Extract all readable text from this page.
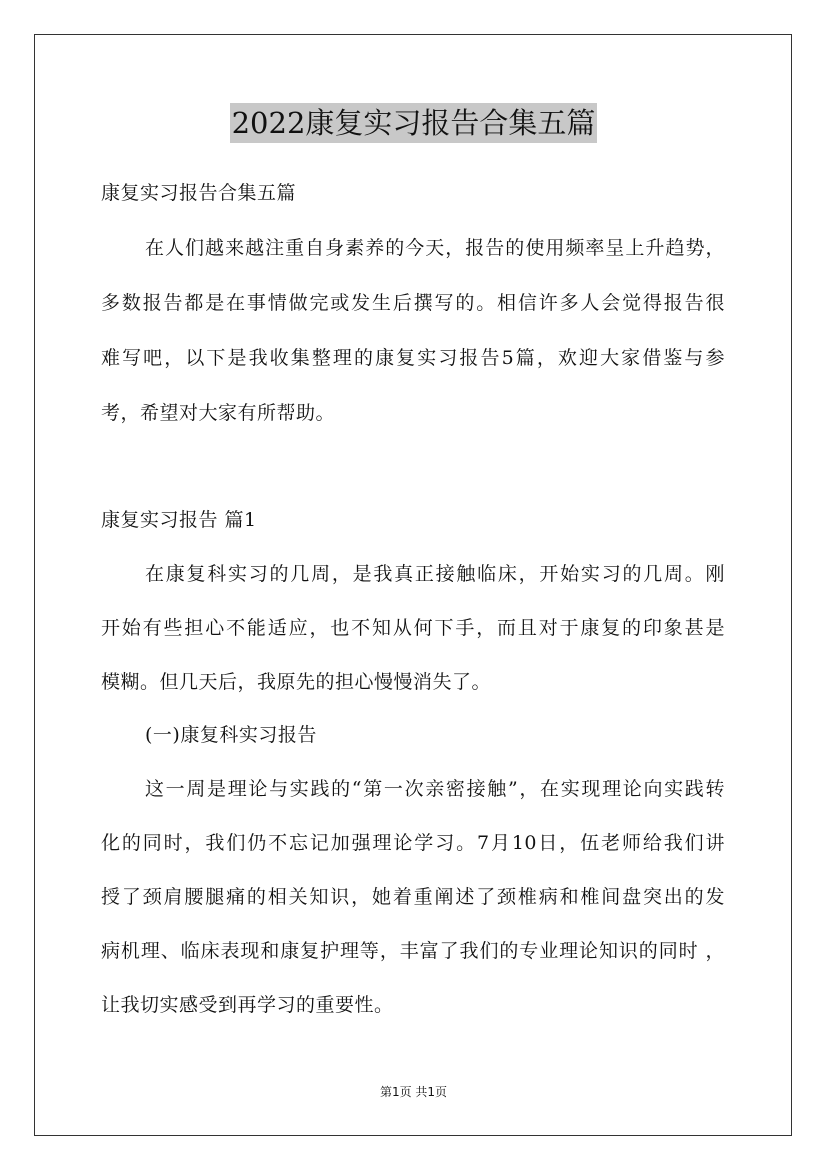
2022康复实习报告合集五篇
康复实习报告合集五篇
在人们越来越注重自身素养的今天，报告的使用频率呈上升趋势，
多数报告都是在事情做完或发生后撰写的。相信许多人会觉得报告很
难写吧，以下是我收集整理的康复实习报告5篇，欢迎大家借鉴与参
考，希望对大家有所帮助。
康复实习报告 篇1
在康复科实习的几周，是我真正接触临床，开始实习的几周。刚
开始有些担心不能适应，也不知从何下手，而且对于康复的印象甚是
模糊。但几天后，我原先的担心慢慢消失了。
(一)康复科实习报告
这一周是理论与实践的“第一次亲密接触”，在实现理论向实践转
化的同时，我们仍不忘记加强理论学习。7月10日，伍老师给我们讲
授了颈肩腰腿痛的相关知识，她着重阐述了颈椎病和椎间盘突出的发
病机理、临床表现和康复护理等，丰富了我们的专业理论知识的同时 ，
让我切实感受到再学习的重要性。
第1页 共1页
